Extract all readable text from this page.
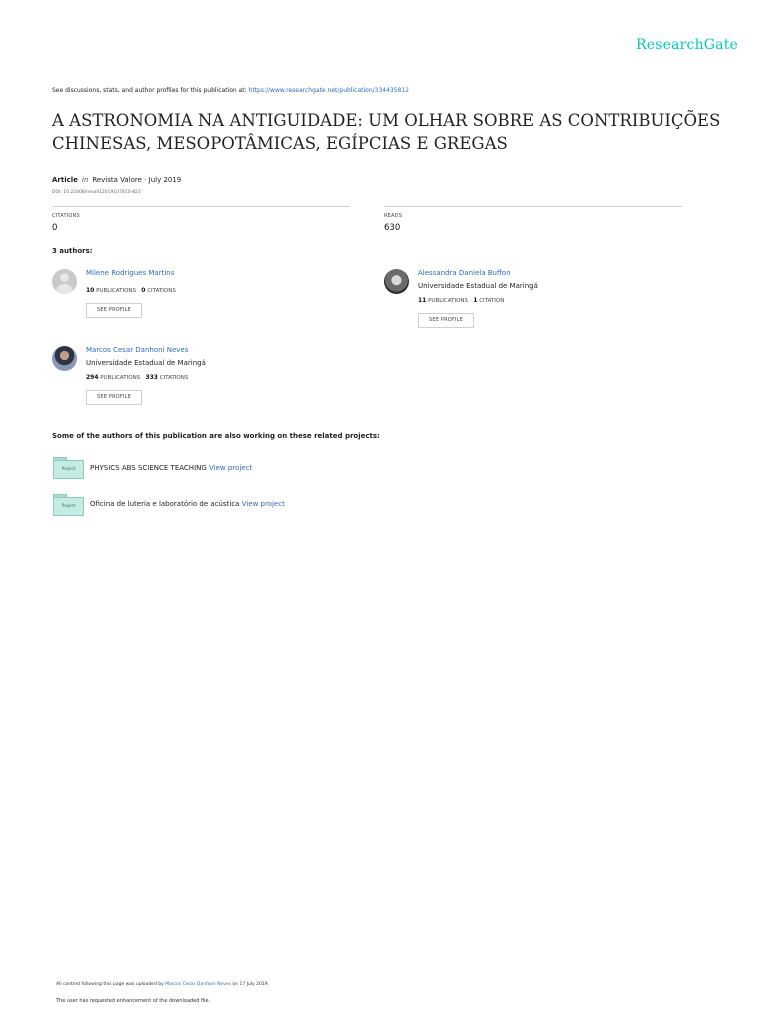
ResearchGate
See discussions, stats, and author profiles for this publication at: https://www.researchgate.net/publication/334435812
A ASTRONOMIA NA ANTIGUIDADE: UM OLHAR SOBRE AS CONTRIBUIÇÕES CHINESAS, MESOPOTÂMICAS, EGÍPCIAS E GREGAS
Article in Revista Valore · July 2019
DOI: 10.22408/reva412019107810-823
CITATIONS
0
READS
630
3 authors:
Milene Rodrigues Martins
10 PUBLICATIONS 0 CITATIONS
SEE PROFILE
Alessandra Daniela Buffon
Universidade Estadual de Maringá
11 PUBLICATIONS 1 CITATION
SEE PROFILE
Marcos Cesar Danhoni Neves
Universidade Estadual de Maringá
294 PUBLICATIONS 333 CITATIONS
SEE PROFILE
Some of the authors of this publication are also working on these related projects:
Project	PHYSICS ABS SCIENCE TEACHING View project
Project	Oficina de luteria e laboratório de acústica View project
All content following this page was uploaded by Marcos Cesar Danhoni Neves on 17 July 2019.
The user has requested enhancement of the downloaded file.
